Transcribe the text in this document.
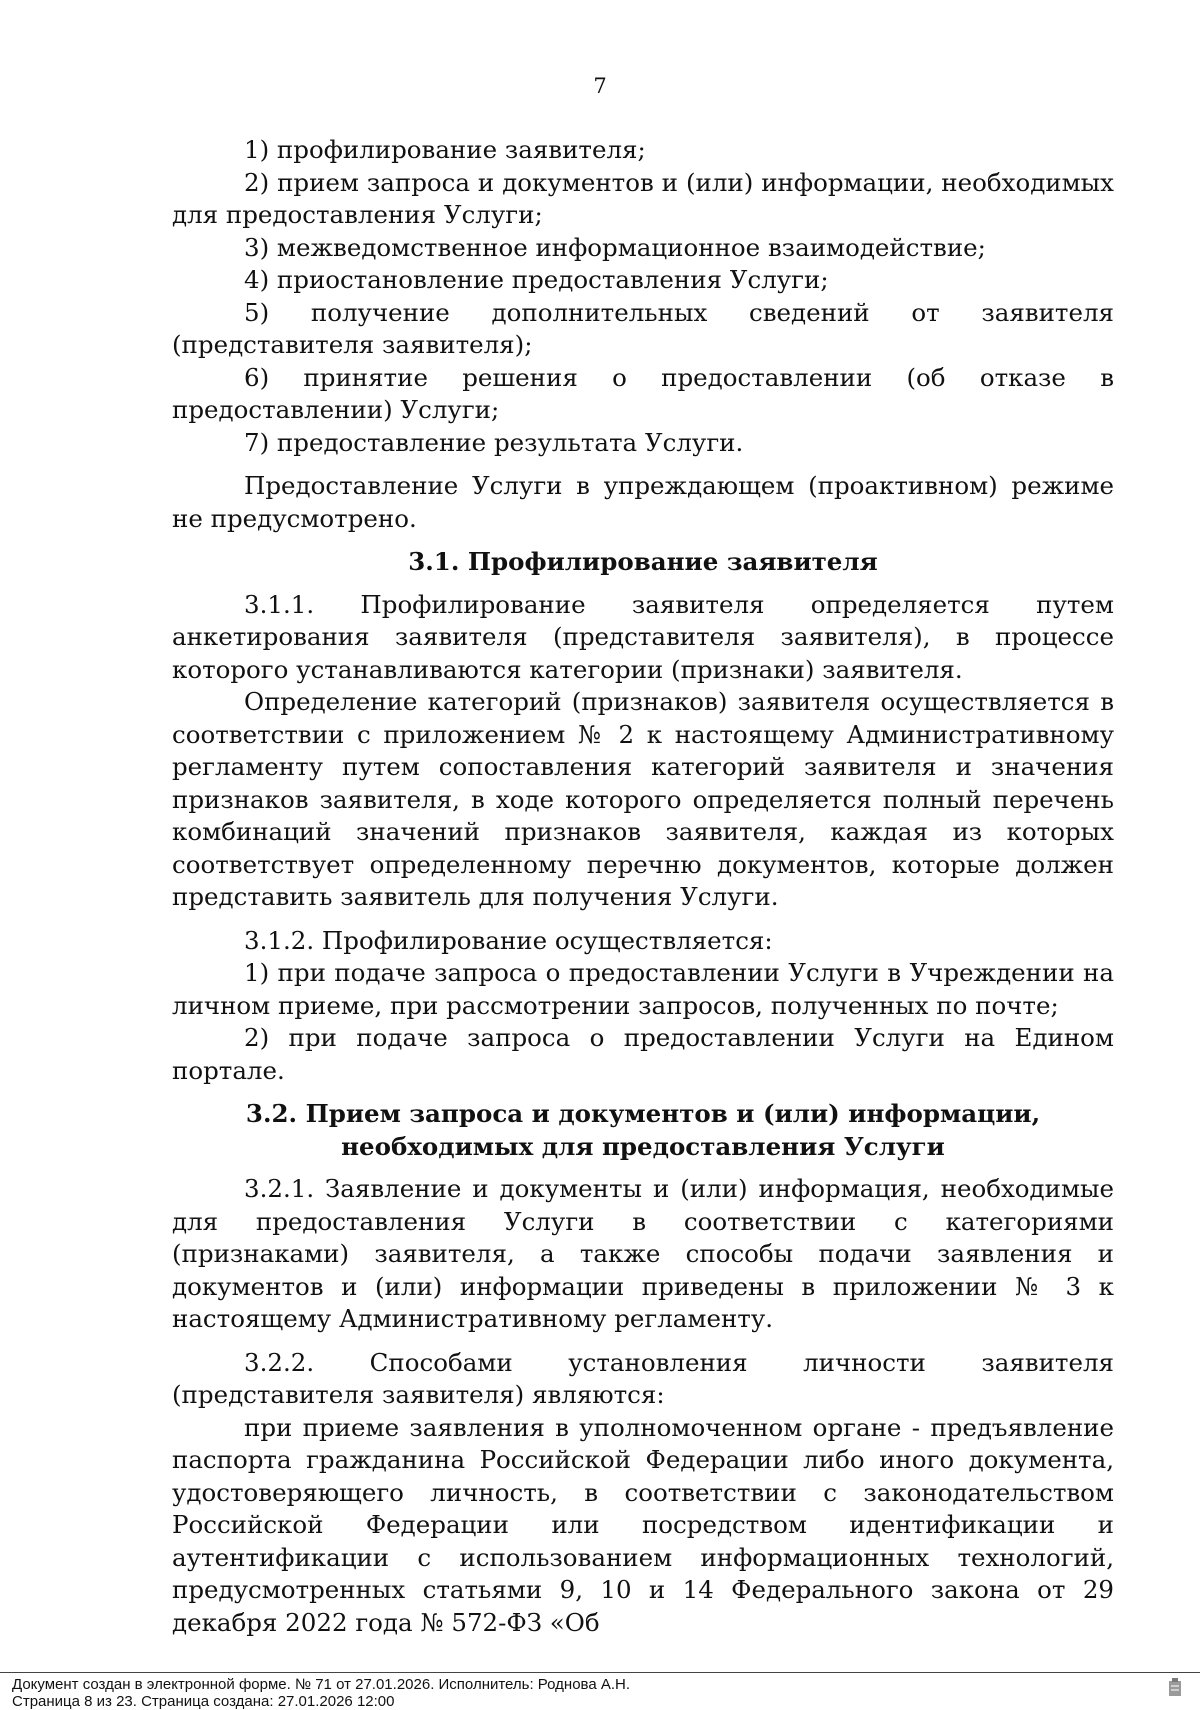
7

1) профилирование заявителя;

2) прием запроса и документов и (или) информации, необходимых для предоставления Услуги;

3) межведомственное информационное взаимодействие;

4) приостановление предоставления Услуги;

5) получение дополнительных сведений от заявителя (представителя заявителя);

6) принятие решения о предоставлении (об отказе в предоставлении) Услуги;

7) предоставление результата Услуги.

Предоставление Услуги в упреждающем (проактивном) режиме не предусмотрено.

3.1. Профилирование заявителя

3.1.1. Профилирование заявителя определяется путем анкетирования заявителя (представителя заявителя), в процессе которого устанавливаются категории (признаки) заявителя.

Определение категорий (признаков) заявителя осуществляется в соответствии с приложением № 2 к настоящему Административному регламенту путем сопоставления категорий заявителя и значения признаков заявителя, в ходе которого определяется полный перечень комбинаций значений признаков заявителя, каждая из которых соответствует определенному перечню документов, которые должен представить заявитель для получения Услуги.

3.1.2. Профилирование осуществляется:

1) при подаче запроса о предоставлении Услуги в Учреждении на личном приеме, при рассмотрении запросов, полученных по почте;

2) при подаче запроса о предоставлении Услуги на Едином портале.

3.2. Прием запроса и документов и (или) информации, необходимых для предоставления Услуги

3.2.1. Заявление и документы и (или) информация, необходимые для предоставления Услуги в соответствии с категориями (признаками) заявителя, а также способы подачи заявления и документов и (или) информации приведены в приложении № 3 к настоящему Административному регламенту.

3.2.2. Способами установления личности заявителя (представителя заявителя) являются:

при приеме заявления в уполномоченном органе - предъявление паспорта гражданина Российской Федерации либо иного документа, удостоверяющего личность, в соответствии с законодательством Российской Федерации или посредством идентификации и аутентификации с использованием информационных технологий, предусмотренных статьями 9, 10 и 14 Федерального закона от 29 декабря 2022 года № 572-ФЗ «Об

Документ создан в электронной форме. № 71 от 27.01.2026. Исполнитель: Роднова А.Н.
Страница 8 из 23. Страница создана: 27.01.2026 12:00
